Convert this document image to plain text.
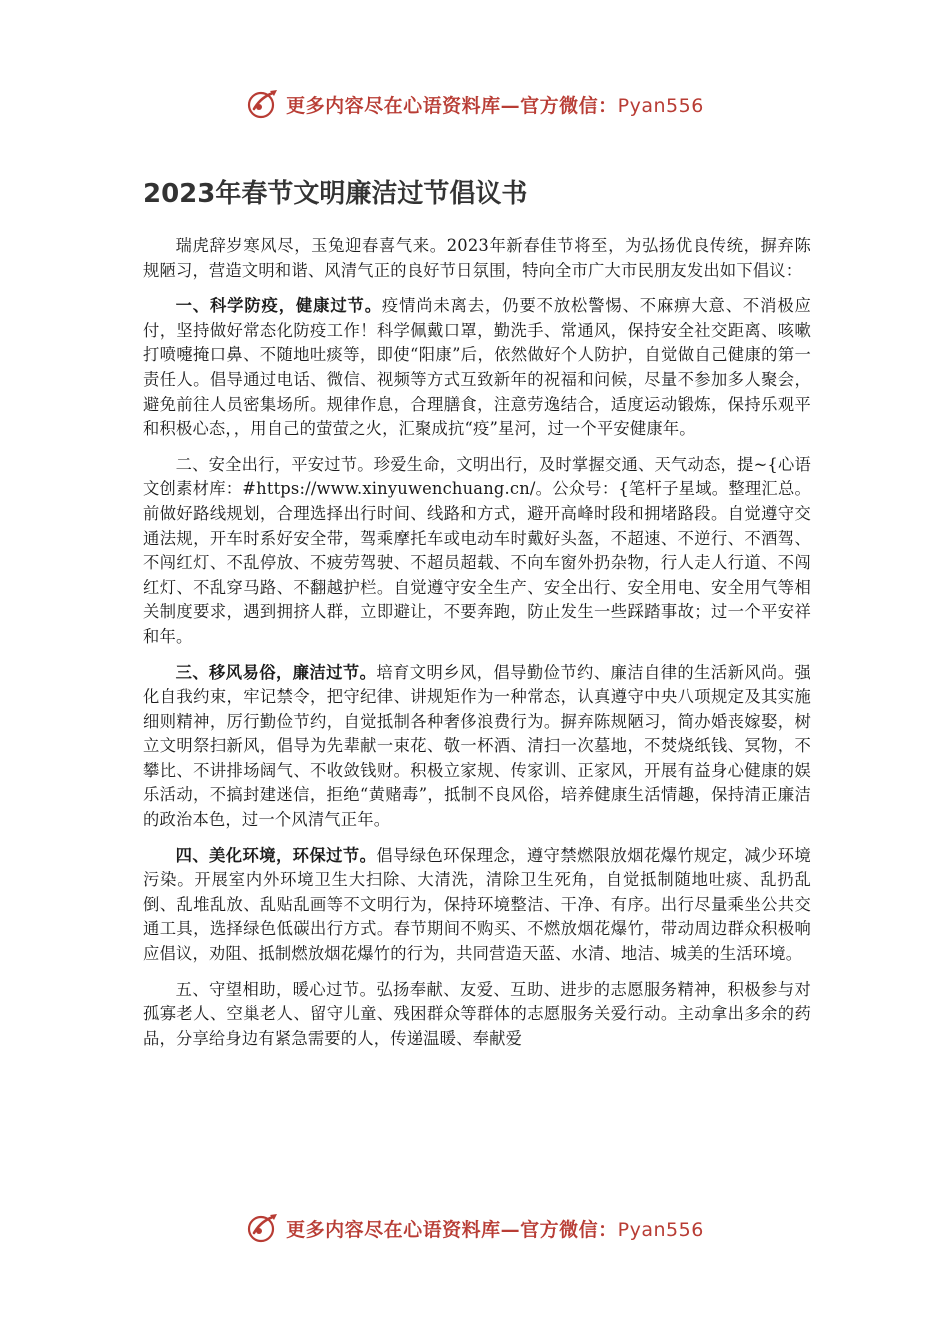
更多内容尽在心语资料库—官方微信：Pyan556
2023年春节文明廉洁过节倡议书

瑞虎辞岁寒风尽，玉兔迎春喜气来。2023年新春佳节将至，为弘扬优良传统，摒弃陈规陋习，营造文明和谐、风清气正的良好节日氛围，特向全市广大市民朋友发出如下倡议：

一、科学防疫，健康过节。疫情尚未离去，仍要不放松警惕、不麻痹大意、不消极应付，坚持做好常态化防疫工作！科学佩戴口罩，勤洗手、常通风，保持安全社交距离、咳嗽打喷嚏掩口鼻、不随地吐痰等，即使“阳康”后，依然做好个人防护，自觉做自己健康的第一责任人。倡导通过电话、微信、视频等方式互致新年的祝福和问候，尽量不参加多人聚会，避免前往人员密集场所。规律作息，合理膳食，注意劳逸结合，适度运动锻炼，保持乐观平和积极心态，，用自己的萤萤之火，汇聚成抗“疫”星河，过一个平安健康年。

二、安全出行，平安过节。珍爱生命，文明出行，及时掌握交通、天气动态，提~{心语文创素材库：#https://www.xinyuwenchuang.cn/。公众号：{笔杆子星域。整理汇总。前做好路线规划，合理选择出行时间、线路和方式，避开高峰时段和拥堵路段。自觉遵守交通法规，开车时系好安全带，驾乘摩托车或电动车时戴好头盔，不超速、不逆行、不酒驾、不闯红灯、不乱停放、不疲劳驾驶、不超员超载、不向车窗外扔杂物，行人走人行道、不闯红灯、不乱穿马路、不翻越护栏。自觉遵守安全生产、安全出行、安全用电、安全用气等相关制度要求，遇到拥挤人群，立即避让，不要奔跑，防止发生一些踩踏事故；过一个平安祥和年。

三、移风易俗，廉洁过节。培育文明乡风，倡导勤俭节约、廉洁自律的生活新风尚。强化自我约束，牢记禁令，把守纪律、讲规矩作为一种常态，认真遵守中央八项规定及其实施细则精神，厉行勤俭节约，自觉抵制各种奢侈浪费行为。摒弃陈规陋习，简办婚丧嫁娶，树立文明祭扫新风，倡导为先辈献一束花、敬一杯酒、清扫一次墓地，不焚烧纸钱、冥物，不攀比、不讲排场阔气、不收敛钱财。积极立家规、传家训、正家风，开展有益身心健康的娱乐活动，不搞封建迷信，拒绝“黄赌毒”，抵制不良风俗，培养健康生活情趣，保持清正廉洁的政治本色，过一个风清气正年。

四、美化环境，环保过节。倡导绿色环保理念，遵守禁燃限放烟花爆竹规定，减少环境污染。开展室内外环境卫生大扫除、大清洗，清除卫生死角，自觉抵制随地吐痰、乱扔乱倒、乱堆乱放、乱贴乱画等不文明行为，保持环境整洁、干净、有序。出行尽量乘坐公共交通工具，选择绿色低碳出行方式。春节期间不购买、不燃放烟花爆竹，带动周边群众积极响应倡议，劝阻、抵制燃放烟花爆竹的行为，共同营造天蓝、水清、地洁、城美的生活环境。

五、守望相助，暖心过节。弘扬奉献、友爱、互助、进步的志愿服务精神，积极参与对孤寡老人、空巢老人、留守儿童、残困群众等群体的志愿服务关爱行动。主动拿出多余的药品，分享给身边有紧急需要的人，传递温暖、奉献爱

更多内容尽在心语资料库—官方微信：Pyan556
